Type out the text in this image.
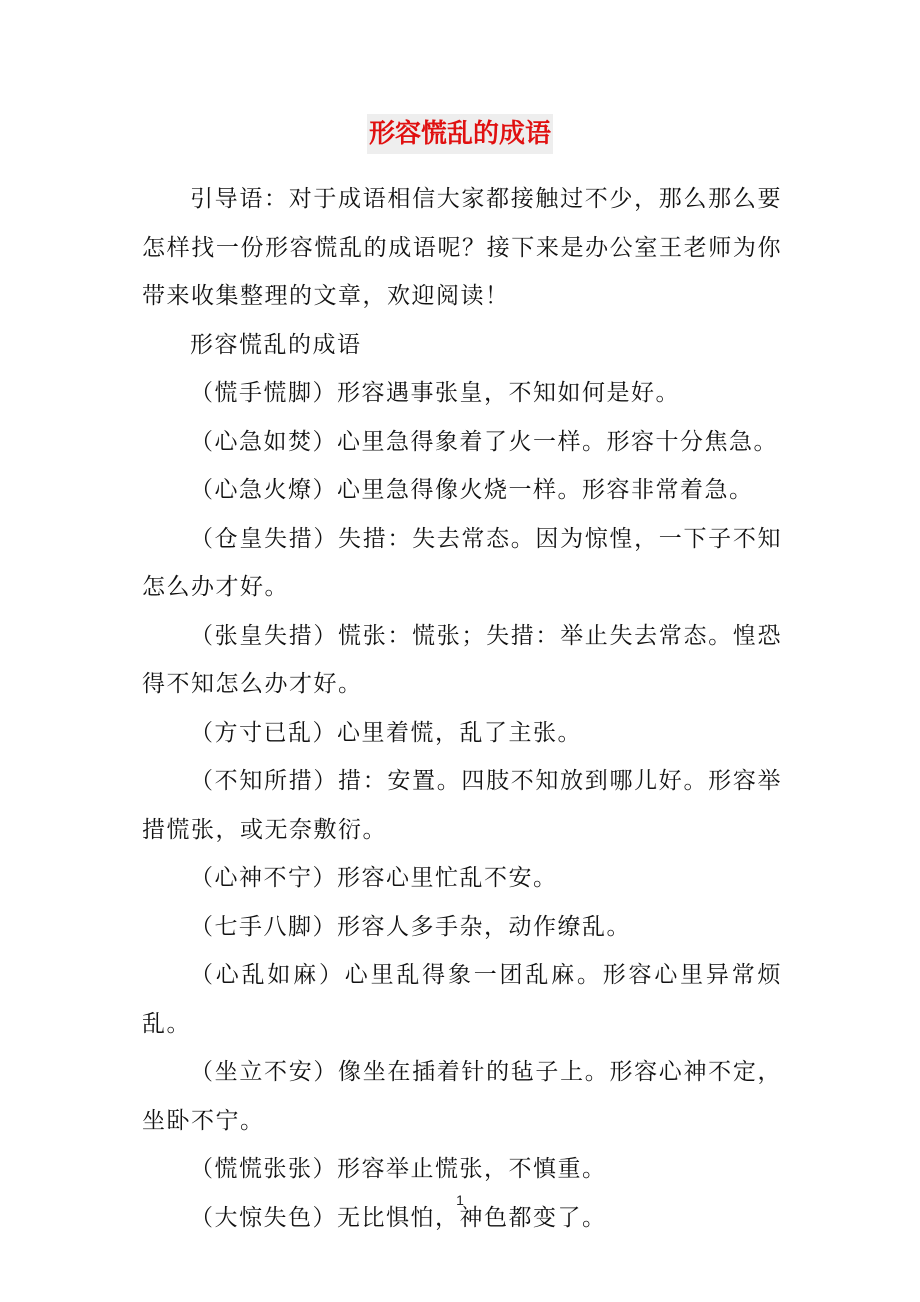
形容慌乱的成语

引导语：对于成语相信大家都接触过不少，那么那么要怎样找一份形容慌乱的成语呢？接下来是办公室王老师为你带来收集整理的文章，欢迎阅读！

形容慌乱的成语

（慌手慌脚）形容遇事张皇，不知如何是好。

（心急如焚）心里急得象着了火一样。形容十分焦急。

（心急火燎）心里急得像火烧一样。形容非常着急。

（仓皇失措）失措：失去常态。因为惊惶，一下子不知怎么办才好。

（张皇失措）慌张：慌张；失措：举止失去常态。惶恐得不知怎么办才好。

（方寸已乱）心里着慌，乱了主张。

（不知所措）措：安置。四肢不知放到哪儿好。形容举措慌张，或无奈敷衍。

（心神不宁）形容心里忙乱不安。

（七手八脚）形容人多手杂，动作缭乱。

（心乱如麻）心里乱得象一团乱麻。形容心里异常烦乱。

（坐立不安）像坐在插着针的毡子上。形容心神不定，坐卧不宁。

（慌慌张张）形容举止慌张，不慎重。

（大惊失色）无比惧怕，神色都变了。

1
